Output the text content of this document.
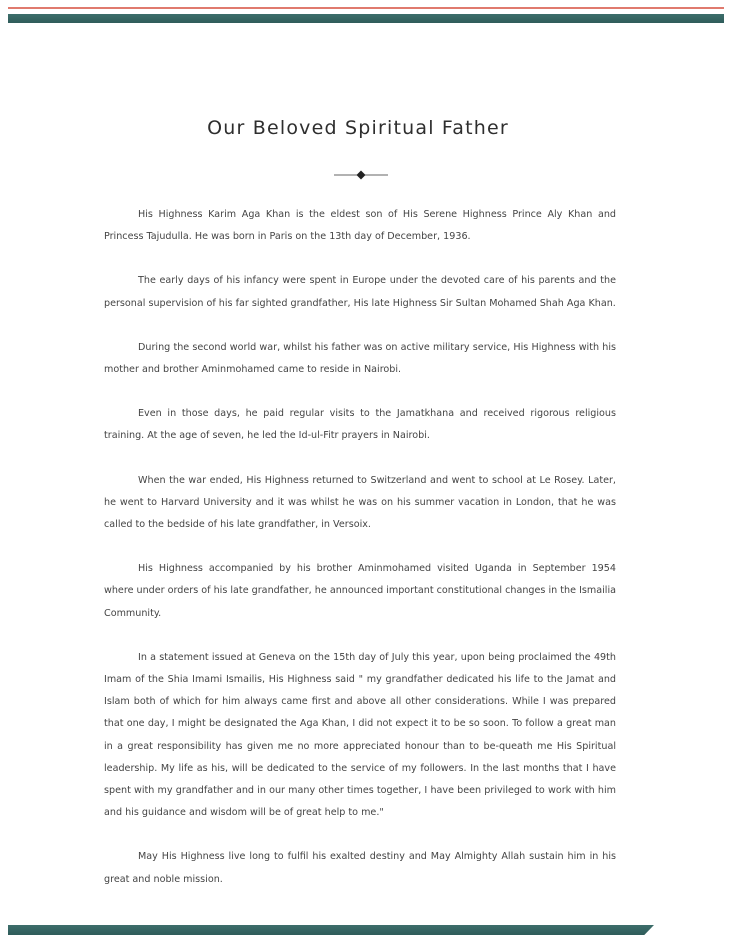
Our Beloved Spiritual Father

His Highness Karim Aga Khan is the eldest son of His Serene Highness Prince Aly Khan and Princess Tajudulla. He was born in Paris on the 13th day of December, 1936.

The early days of his infancy were spent in Europe under the devoted care of his parents and the personal supervision of his far sighted grandfather, His late Highness Sir Sultan Mohamed Shah Aga Khan.

During the second world war, whilst his father was on active military service, His Highness with his mother and brother Aminmohamed came to reside in Nairobi.

Even in those days, he paid regular visits to the Jamatkhana and received rigorous religious training. At the age of seven, he led the Id-ul-Fitr prayers in Nairobi.

When the war ended, His Highness returned to Switzerland and went to school at Le Rosey. Later, he went to Harvard University and it was whilst he was on his summer vacation in London, that he was called to the bedside of his late grandfather, in Versoix.

His Highness accompanied by his brother Aminmohamed visited Uganda in September 1954 where under orders of his late grandfather, he announced important constitutional changes in the Ismailia Community.

In a statement issued at Geneva on the 15th day of July this year, upon being proclaimed the 49th Imam of the Shia Imami Ismailis, His Highness said " my grandfather dedicated his life to the Jamat and Islam both of which for him always came first and above all other considerations. While I was prepared that one day, I might be designated the Aga Khan, I did not expect it to be so soon. To follow a great man in a great responsibility has given me no more appreciated honour than to be-queath me His Spiritual leadership. My life as his, will be dedicated to the service of my followers. In the last months that I have spent with my grandfather and in our many other times together, I have been privileged to work with him and his guidance and wisdom will be of great help to me."

May His Highness live long to fulfil his exalted destiny and May Almighty Allah sustain him in his great and noble mission.
